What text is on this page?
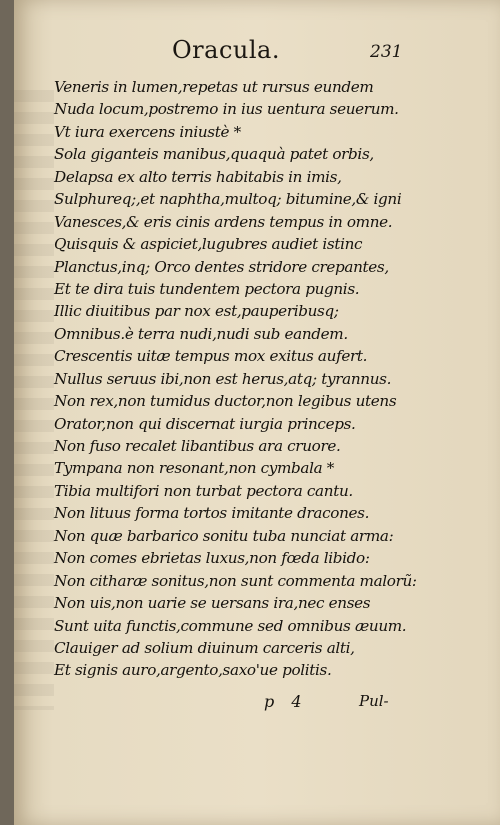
Oracula.	231
Veneris in lumen,repetas ut rursus eundem
Nuda locum,postremo in ius uentura seuerum.
Vt iura exercens iniustè *
Sola giganteis manibus,quaquà patet orbis,
Delapsa ex alto terris habitabis in imis,
Sulphureq;,et naphtha,multoq; bitumine,& igni
Vanesces,& eris cinis ardens tempus in omne.
Quisquis & aspiciet,lugubres audiet istinc
Planctus,inq; Orco dentes stridore crepantes,
Et te dira tuis tundentem pectora pugnis.
Illic diuitibus par nox est,pauperibusq;
Omnibus.è terra nudi,nudi sub eandem.
Crescentis uitæ tempus mox exitus aufert.
Nullus seruus ibi,non est herus,atq; tyrannus.
Non rex,non tumidus ductor,non legibus utens
Orator,non qui discernat iurgia princeps.
Non fuso recalet libantibus ara cruore.
Tympana non resonant,non cymbala *
Tibia multifori non turbat pectora cantu.
Non lituus forma tortos imitante dracones.
Non quæ barbarico sonitu tuba nunciat arma:
Non comes ebrietas luxus,non fœda libido:
Non citharæ sonitus,non sunt commenta malorũ:
Non uis,non uarie se uersans ira,nec enses
Sunt uita functis,commune sed omnibus æuum.
Clauiger ad solium diuinum carceris alti,
Et signis auro,argento,saxo'ue politis.
p 4	Pul-
